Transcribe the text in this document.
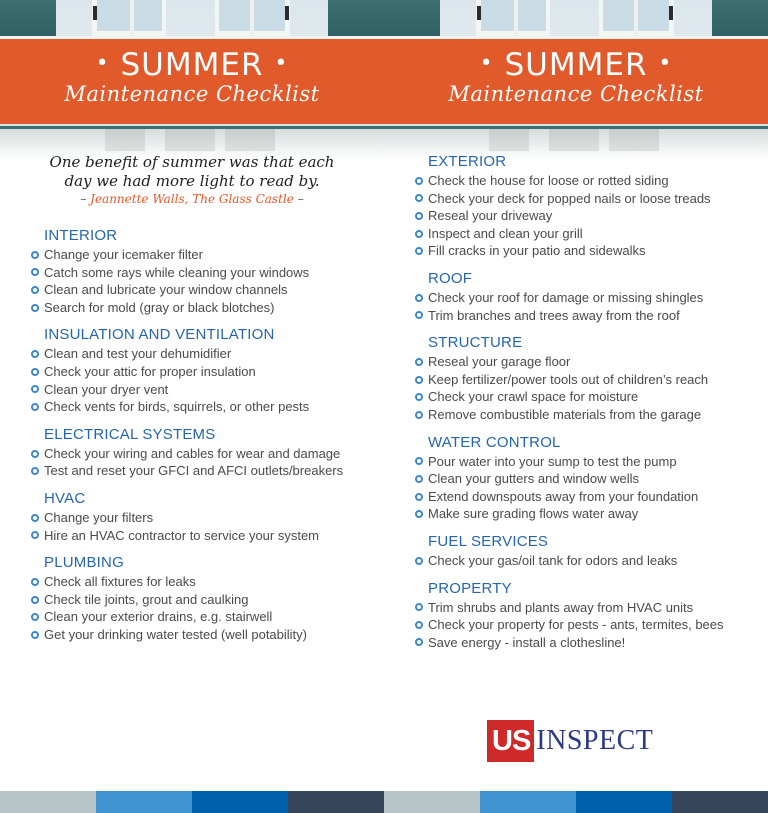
• SUMMER •
Maintenance Checklist
• SUMMER •
Maintenance Checklist
One benefit of summer was that each
day we had more light to read by.
– Jeannette Walls, The Glass Castle –
INTERIOR
Change your icemaker filter
Catch some rays while cleaning your windows
Clean and lubricate your window channels
Search for mold (gray or black blotches)
INSULATION AND VENTILATION
Clean and test your dehumidifier
Check your attic for proper insulation
Clean your dryer vent
Check vents for birds, squirrels, or other pests
ELECTRICAL SYSTEMS
Check your wiring and cables for wear and damage
Test and reset your GFCI and AFCI outlets/breakers
HVAC
Change your filters
Hire an HVAC contractor to service your system
PLUMBING
Check all fixtures for leaks
Check tile joints, grout and caulking
Clean your exterior drains, e.g. stairwell
Get your drinking water tested (well potability)
EXTERIOR
Check the house for loose or rotted siding
Check your deck for popped nails or loose treads
Reseal your driveway
Inspect and clean your grill
Fill cracks in your patio and sidewalks
ROOF
Check your roof for damage or missing shingles
Trim branches and trees away from the roof
STRUCTURE
Reseal your garage floor
Keep fertilizer/power tools out of children’s reach
Check your crawl space for moisture
Remove combustible materials from the garage
WATER CONTROL
Pour water into your sump to test the pump
Clean your gutters and window wells
Extend downspouts away from your foundation
Make sure grading flows water away
FUEL SERVICES
Check your gas/oil tank for odors and leaks
PROPERTY
Trim shrubs and plants away from HVAC units
Check your property for pests - ants, termites, bees
Save energy - install a clothesline!
US INSPECT
